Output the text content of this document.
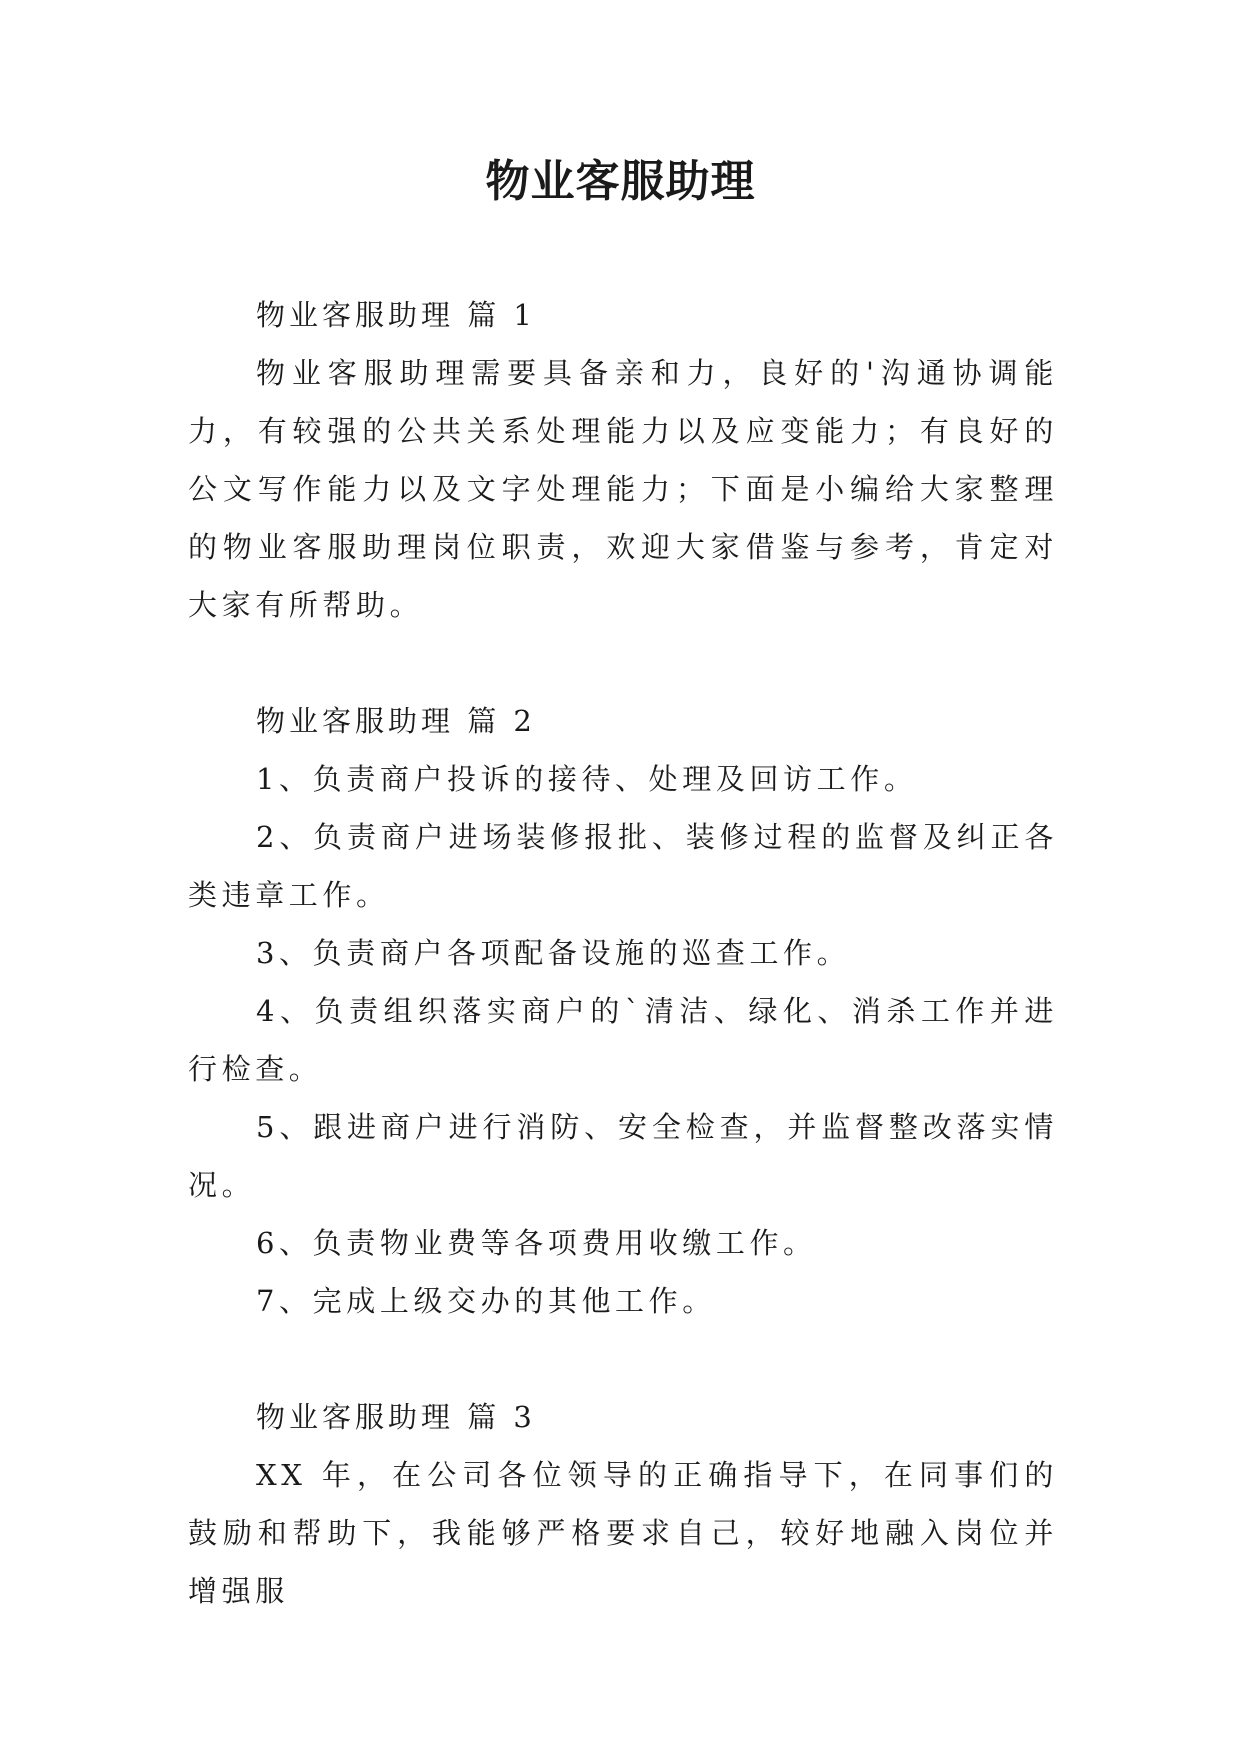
物业客服助理

物业客服助理 篇 1

物业客服助理需要具备亲和力，良好的'沟通协调能力，有较强的公共关系处理能力以及应变能力；有良好的公文写作能力以及文字处理能力；下面是小编给大家整理的物业客服助理岗位职责，欢迎大家借鉴与参考，肯定对大家有所帮助。

物业客服助理 篇 2

1、负责商户投诉的接待、处理及回访工作。

2、负责商户进场装修报批、装修过程的监督及纠正各类违章工作。

3、负责商户各项配备设施的巡查工作。

4、负责组织落实商户的`清洁、绿化、消杀工作并进行检查。

5、跟进商户进行消防、安全检查，并监督整改落实情况。

6、负责物业费等各项费用收缴工作。

7、完成上级交办的其他工作。

物业客服助理 篇 3

XX 年，在公司各位领导的正确指导下，在同事们的鼓励和帮助下，我能够严格要求自己，较好地融入岗位并增强服
